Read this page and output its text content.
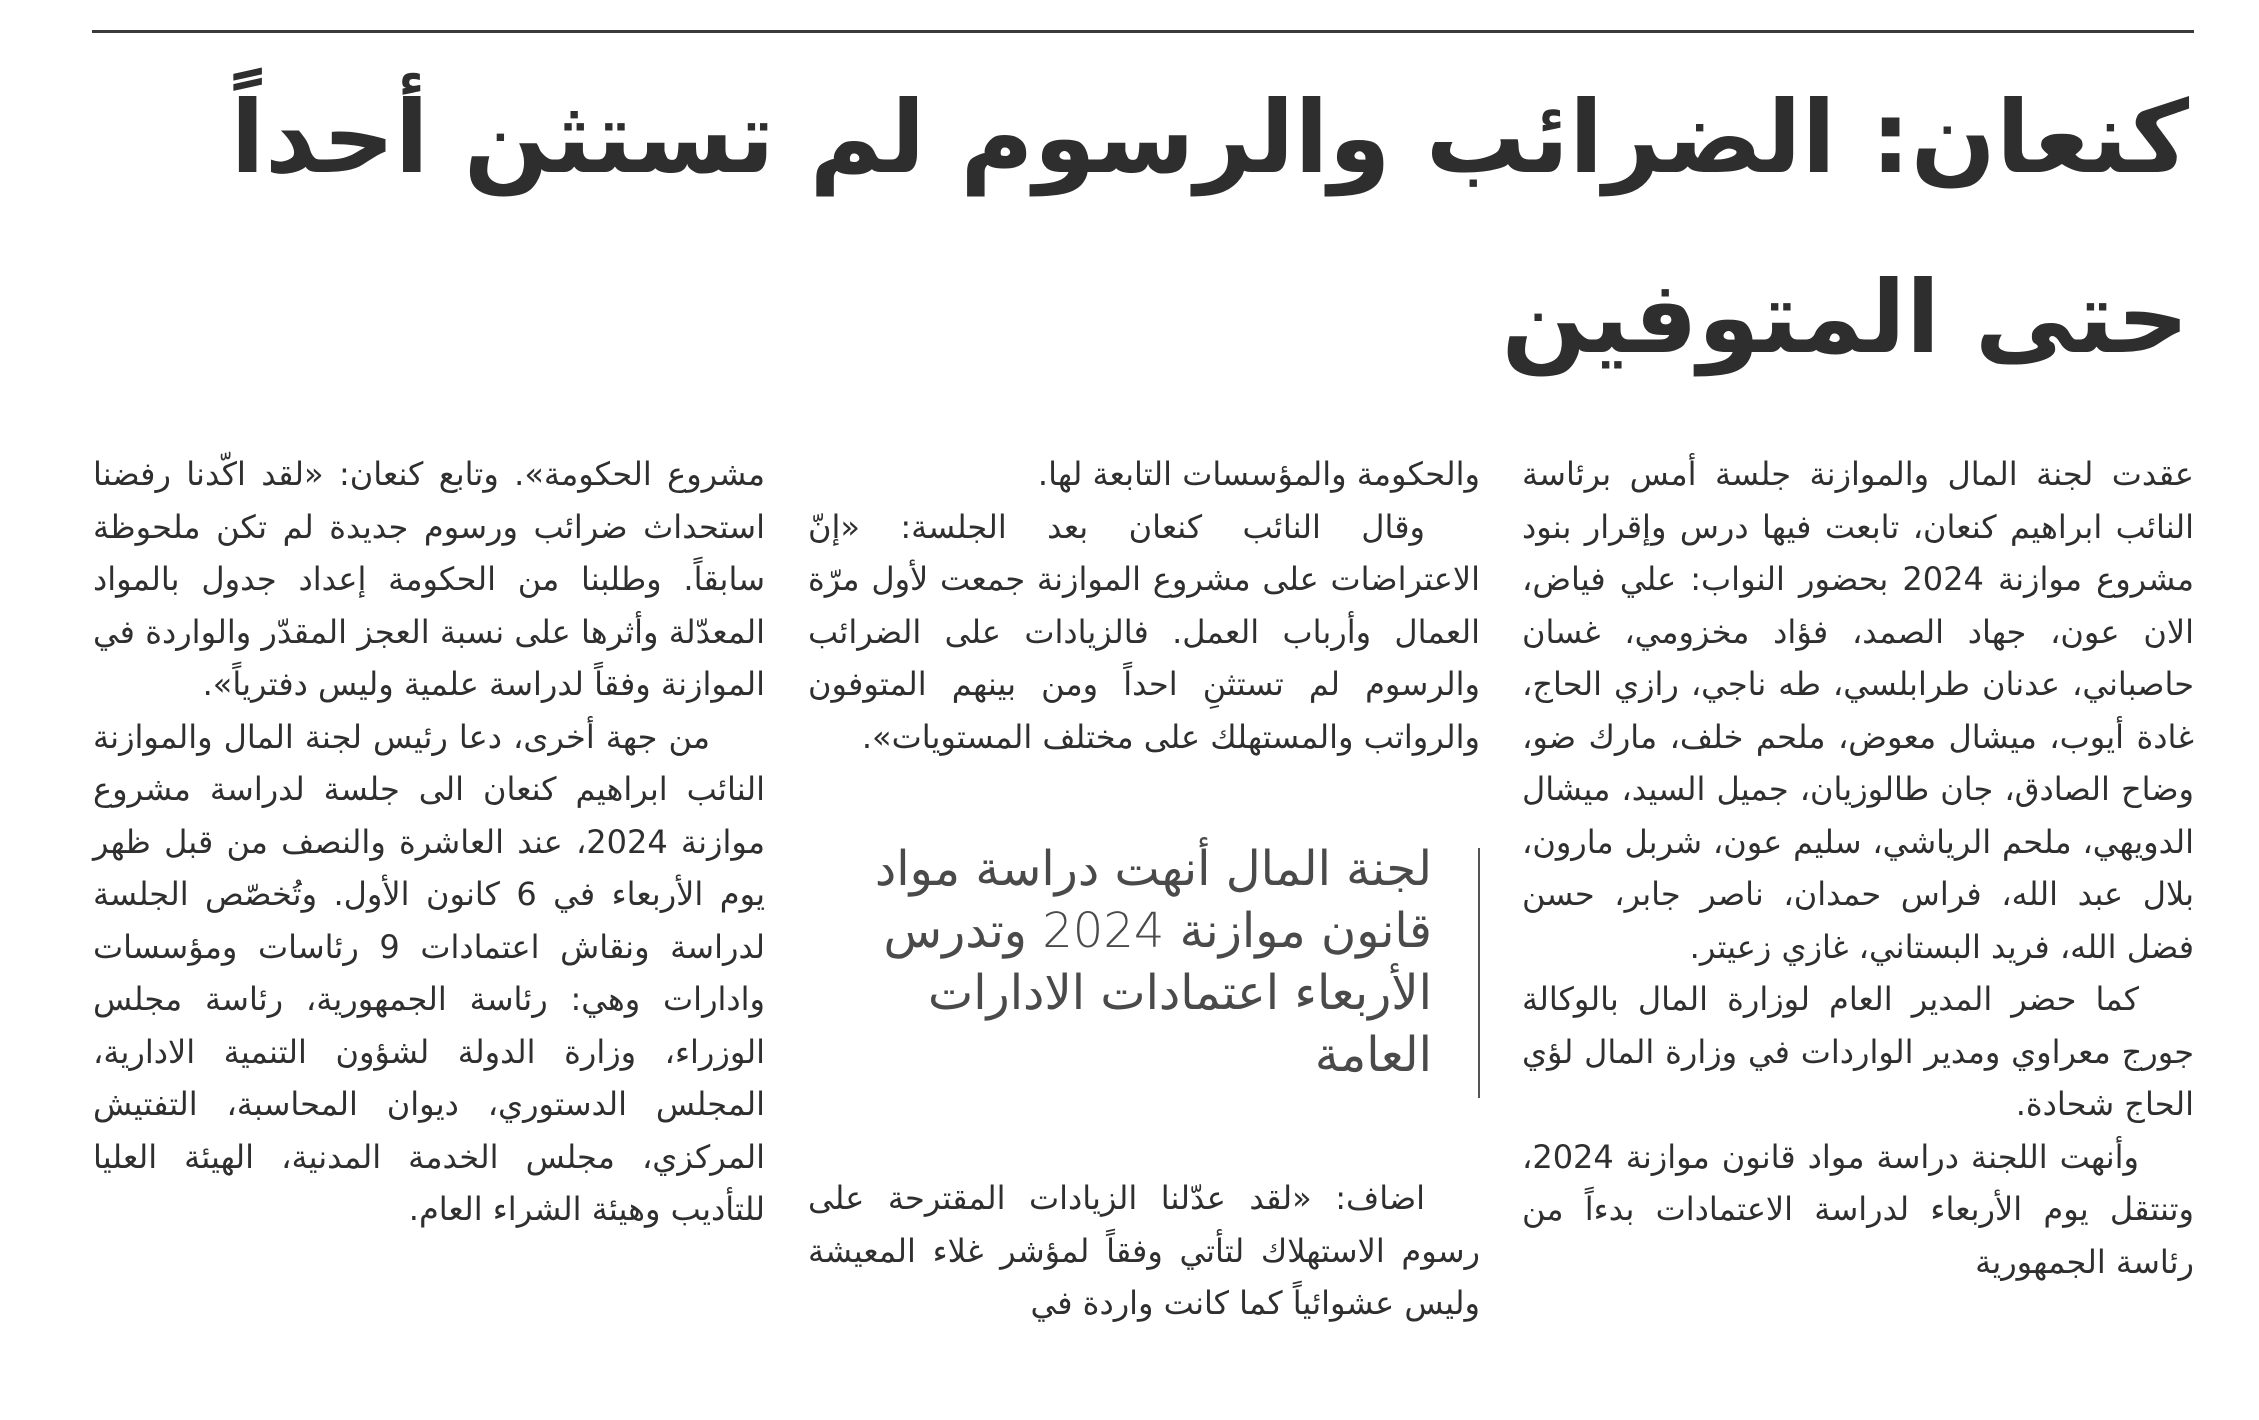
كنعان: الضرائب والرسوم لم تستثن أحداً
حتى المتوفين

عقدت لجنة المال والموازنة جلسة أمس برئاسة النائب ابراهيم كنعان، تابعت فيها درس وإقرار بنود مشروع موازنة 2024 بحضور النواب: علي فياض، الان عون، جهاد الصمد، فؤاد مخزومي، غسان حاصباني، عدنان طرابلسي، طه ناجي، رازي الحاج، غادة أيوب، ميشال معوض، ملحم خلف، مارك ضو، وضاح الصادق، جان طالوزيان، جميل السيد، ميشال الدويهي، ملحم الرياشي، سليم عون، شربل مارون، بلال عبد الله، فراس حمدان، ناصر جابر، حسن فضل الله، فريد البستاني، غازي زعيتر.

كما حضر المدير العام لوزارة المال بالوكالة جورج معراوي ومدير الواردات في وزارة المال لؤي الحاج شحادة.

وأنهت اللجنة دراسة مواد قانون موازنة 2024، وتنتقل يوم الأربعاء لدراسة الاعتمادات بدءاً من رئاسة الجمهورية

والحكومة والمؤسسات التابعة لها.

وقال النائب كنعان بعد الجلسة: «إنّ الاعتراضات على مشروع الموازنة جمعت لأول مرّة العمال وأرباب العمل. فالزيادات على الضرائب والرسوم لم تستثنِ احداً ومن بينهم المتوفون والرواتب والمستهلك على مختلف المستويات».

لجنة المال أنهت دراسة مواد قانون موازنة 2024 وتدرس الأربعاء اعتمادات الادارات العامة

اضاف: «لقد عدّلنا الزيادات المقترحة على رسوم الاستهلاك لتأتي وفقاً لمؤشر غلاء المعيشة وليس عشوائياً كما كانت واردة في

مشروع الحكومة». وتابع كنعان: «لقد اكّدنا رفضنا استحداث ضرائب ورسوم جديدة لم تكن ملحوظة سابقاً. وطلبنا من الحكومة إعداد جدول بالمواد المعدّلة وأثرها على نسبة العجز المقدّر والواردة في الموازنة وفقاً لدراسة علمية وليس دفترياً».

من جهة أخرى، دعا رئيس لجنة المال والموازنة النائب ابراهيم كنعان الى جلسة لدراسة مشروع موازنة 2024، عند العاشرة والنصف من قبل ظهر يوم الأربعاء في 6 كانون الأول. وتُخصّص الجلسة لدراسة ونقاش اعتمادات 9 رئاسات ومؤسسات وادارات وهي: رئاسة الجمهورية، رئاسة مجلس الوزراء، وزارة الدولة لشؤون التنمية الادارية، المجلس الدستوري، ديوان المحاسبة، التفتيش المركزي، مجلس الخدمة المدنية، الهيئة العليا للتأديب وهيئة الشراء العام.
